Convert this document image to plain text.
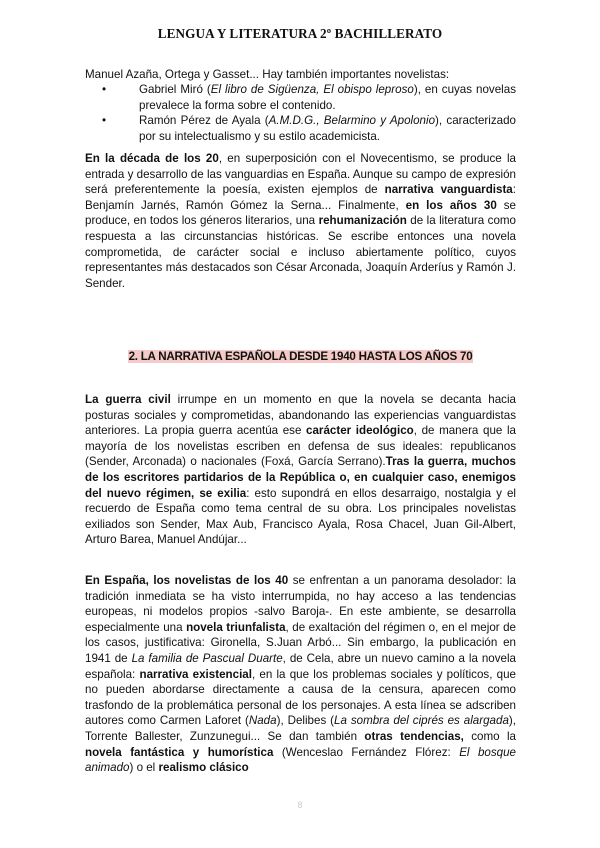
LENGUA Y LITERATURA 2º BACHILLERATO

Manuel Azaña, Ortega y Gasset... Hay también importantes novelistas:

•	Gabriel Miró (El libro de Sigüenza, El obispo leproso), en cuyas novelas prevalece la forma sobre el contenido.
•	Ramón Pérez de Ayala (A.M.D.G., Belarmino y Apolonio), caracterizado por su intelectualismo y su estilo academicista.

En la década de los 20, en superposición con el Novecentismo, se produce la entrada y desarrollo de las vanguardias en España. Aunque su campo de expresión será preferentemente la poesía, existen ejemplos de narrativa vanguardista: Benjamín Jarnés, Ramón Gómez la Serna... Finalmente, en los años 30 se produce, en todos los géneros literarios, una rehumanización de la literatura como respuesta a las circunstancias históricas. Se escribe entonces una novela comprometida, de carácter social e incluso abiertamente político, cuyos representantes más destacados son César Arconada, Joaquín Arderíus y Ramón J. Sender.

2. LA NARRATIVA ESPAÑOLA DESDE 1940 HASTA LOS AÑOS 70

La guerra civil irrumpe en un momento en que la novela se decanta hacia posturas sociales y comprometidas, abandonando las experiencias vanguardistas anteriores. La propia guerra acentúa ese carácter ideológico, de manera que la mayoría de los novelistas escriben en defensa de sus ideales: republicanos (Sender, Arconada) o nacionales (Foxá, García Serrano).Tras la guerra, muchos de los escritores partidarios de la República o, en cualquier caso, enemigos del nuevo régimen, se exilia: esto supondrá en ellos desarraigo, nostalgia y el recuerdo de España como tema central de su obra. Los principales novelistas exiliados son Sender, Max Aub, Francisco Ayala, Rosa Chacel, Juan Gil-Albert, Arturo Barea, Manuel Andújar...

En España, los novelistas de los 40 se enfrentan a un panorama desolador: la tradición inmediata se ha visto interrumpida, no hay acceso a las tendencias europeas, ni modelos propios -salvo Baroja-. En este ambiente, se desarrolla especialmente una novela triunfalista, de exaltación del régimen o, en el mejor de los casos, justificativa: Gironella, S.Juan Arbó... Sin embargo, la publicación en 1941 de La familia de Pascual Duarte, de Cela, abre un nuevo camino a la novela española: narrativa existencial, en la que los problemas sociales y políticos, que no pueden abordarse directamente a causa de la censura, aparecen como trasfondo de la problemática personal de los personajes. A esta línea se adscriben autores como Carmen Laforet (Nada), Delibes (La sombra del ciprés es alargada), Torrente Ballester, Zunzunegui... Se dan también otras tendencias, como la novela fantástica y humorística (Wenceslao Fernández Flórez: El bosque animado) o el realismo clásico

8
